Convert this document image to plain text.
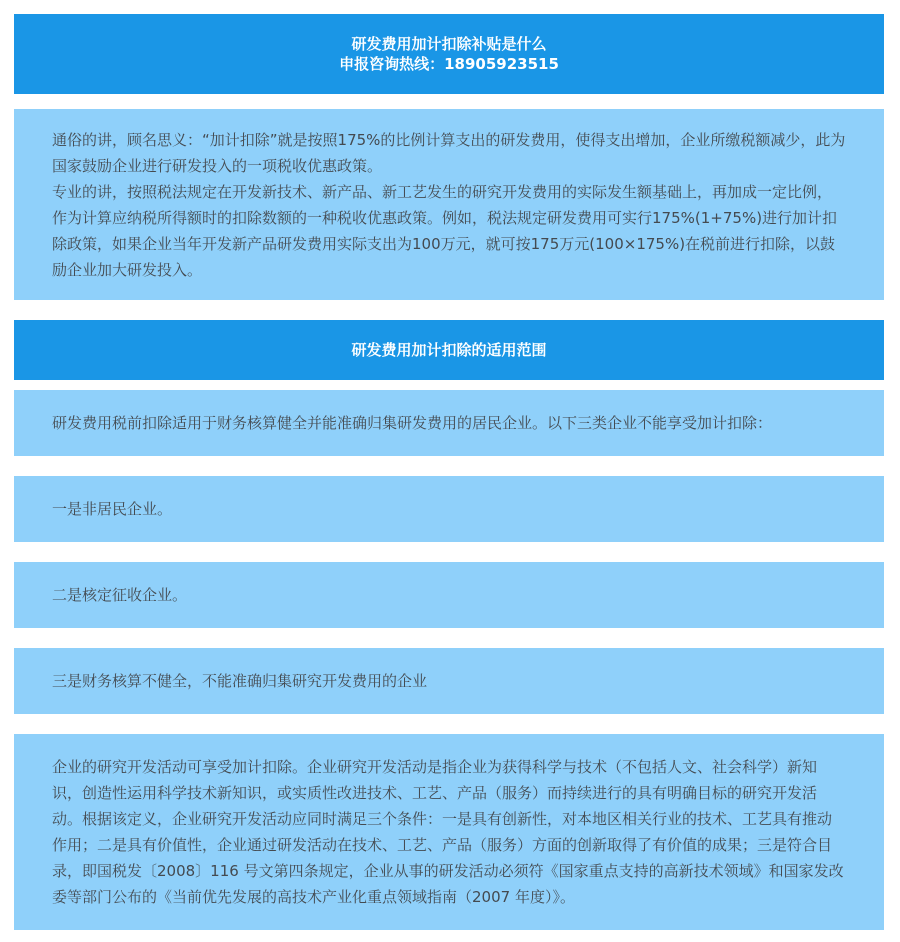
研发费用加计扣除补贴是什么
申报咨询热线：18905923515

通俗的讲，顾名思义：“加计扣除”就是按照175%的比例计算支出的研发费用，使得支出增加，企业所缴税额减少，此为国家鼓励企业进行研发投入的一项税收优惠政策。

专业的讲，按照税法规定在开发新技术、新产品、新工艺发生的研究开发费用的实际发生额基础上，再加成一定比例，作为计算应纳税所得额时的扣除数额的一种税收优惠政策。例如，税法规定研发费用可实行175%(1+75%)进行加计扣除政策，如果企业当年开发新产品研发费用实际支出为100万元，就可按175万元(100×175%)在税前进行扣除，以鼓励企业加大研发投入。

研发费用加计扣除的适用范围

研发费用税前扣除适用于财务核算健全并能准确归集研发费用的居民企业。以下三类企业不能享受加计扣除：

一是非居民企业。

二是核定征收企业。

三是财务核算不健全，不能准确归集研究开发费用的企业

企业的研究开发活动可享受加计扣除。企业研究开发活动是指企业为获得科学与技术（不包括人文、社会科学）新知识，创造性运用科学技术新知识，或实质性改进技术、工艺、产品（服务）而持续进行的具有明确目标的研究开发活动。根据该定义，企业研究开发活动应同时满足三个条件：一是具有创新性，对本地区相关行业的技术、工艺具有推动作用；二是具有价值性，企业通过研发活动在技术、工艺、产品（服务）方面的创新取得了有价值的成果；三是符合目录，即国税发〔2008〕116 号文第四条规定，企业从事的研发活动必须符《国家重点支持的高新技术领域》和国家发改委等部门公布的《当前优先发展的高技术产业化重点领域指南（2007 年度）》。
